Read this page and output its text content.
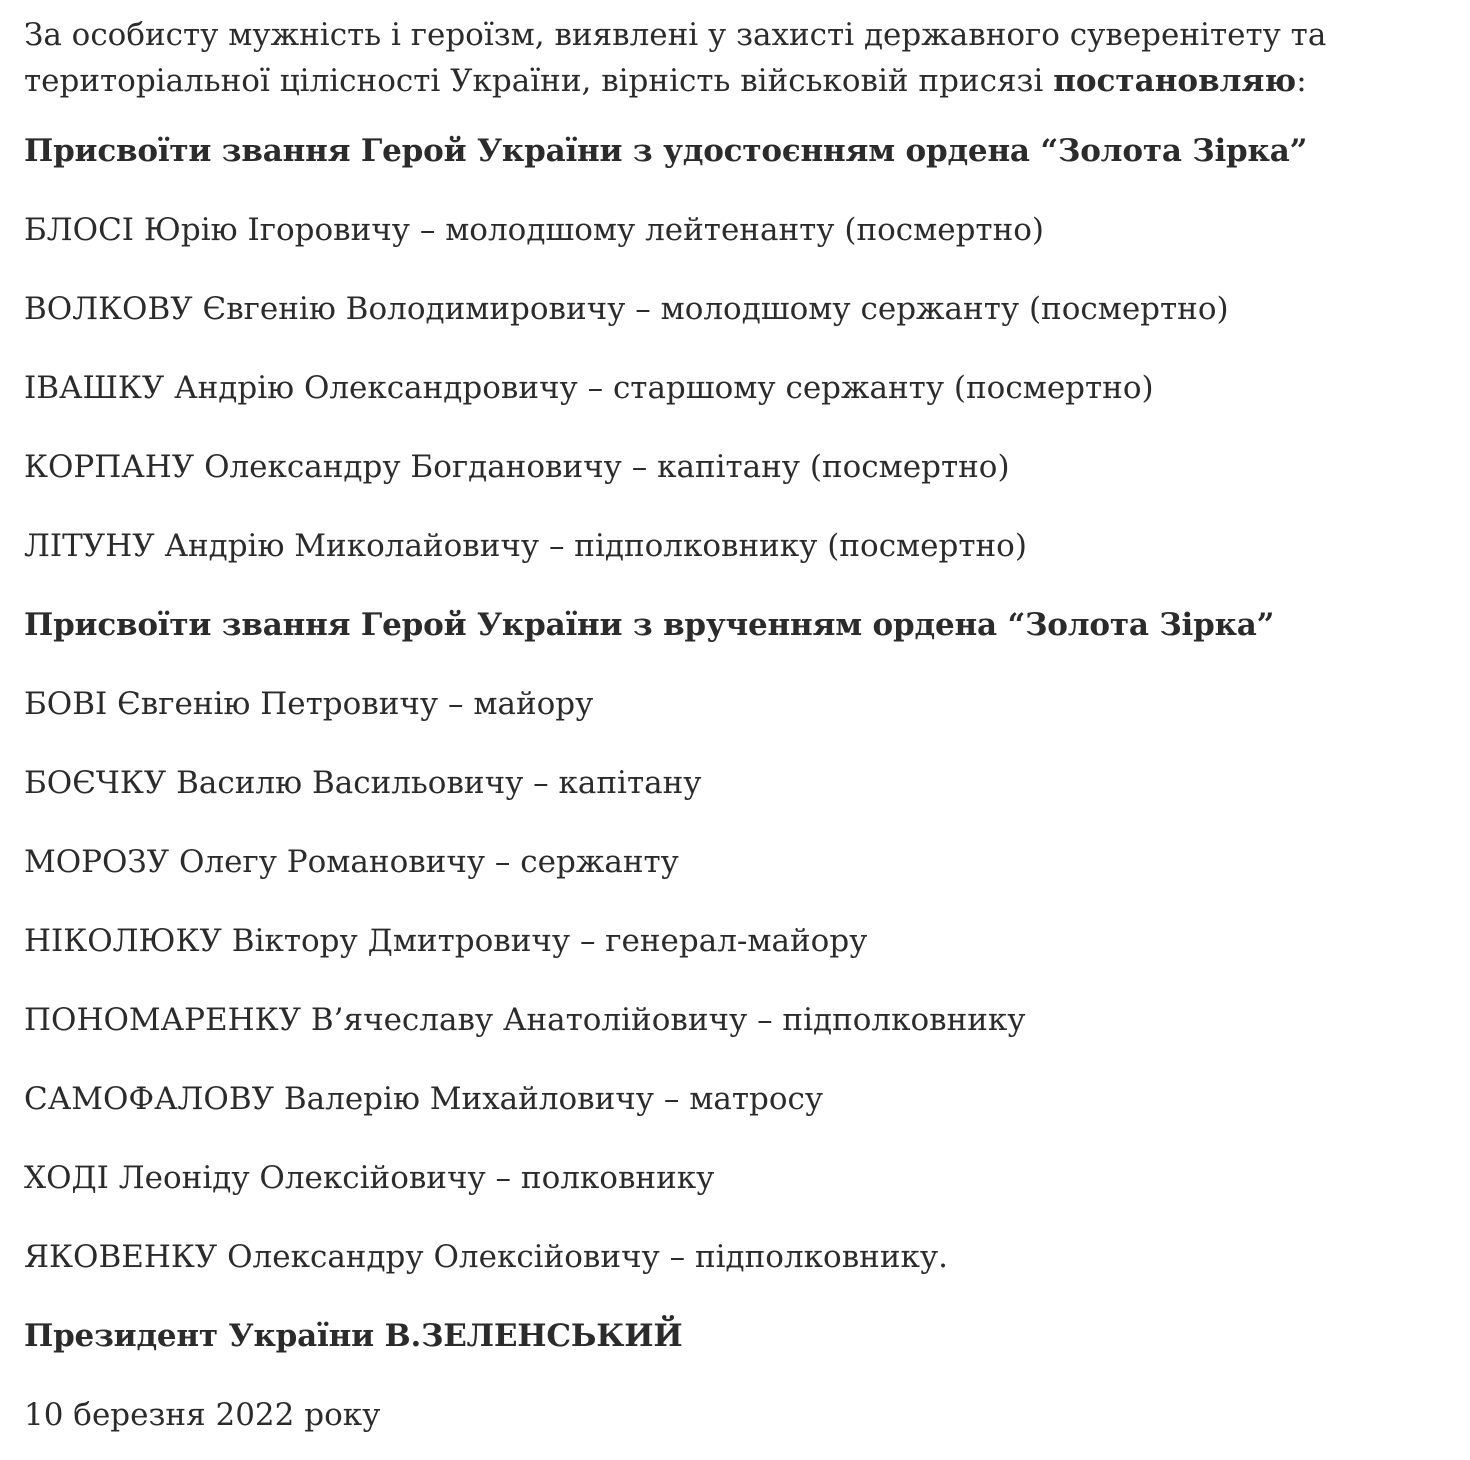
За особисту мужність і героїзм, виявлені у захисті державного суверенітету та територіальної цілісності України, вірність військовій присязі постановляю:

Присвоїти звання Герой України з удостоєнням ордена “Золота Зірка”

БЛОСІ Юрію Ігоровичу – молодшому лейтенанту (посмертно)

ВОЛКОВУ Євгенію Володимировичу – молодшому сержанту (посмертно)

ІВАШКУ Андрію Олександровичу – старшому сержанту (посмертно)

КОРПАНУ Олександру Богдановичу – капітану (посмертно)

ЛІТУНУ Андрію Миколайовичу – підполковнику (посмертно)

Присвоїти звання Герой України з врученням ордена “Золота Зірка”

БОВІ Євгенію Петровичу – майору

БОЄЧКУ Василю Васильовичу – капітану

МОРОЗУ Олегу Романовичу – сержанту

НІКОЛЮКУ Віктору Дмитровичу – генерал-майору

ПОНОМАРЕНКУ В’ячеславу Анатолійовичу – підполковнику

САМОФАЛОВУ Валерію Михайловичу – матросу

ХОДІ Леоніду Олексійовичу – полковнику

ЯКОВЕНКУ Олександру Олексійовичу – підполковнику.

Президент України В.ЗЕЛЕНСЬКИЙ

10 березня 2022 року
